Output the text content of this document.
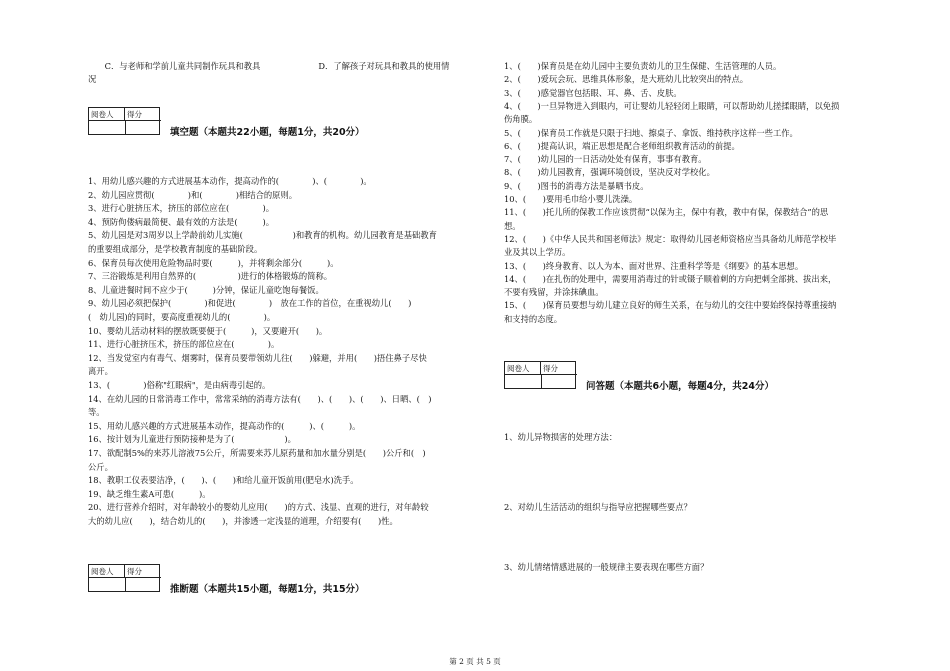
　　C．与老师和学前儿童共同制作玩具和教具　　　　　　　D．了解孩子对玩具和教具的使用情
况
阅卷人	得分
填空题（本题共22小题，每题1分，共20分）
1、用幼儿感兴趣的方式进展基本动作，提高动作的(　　　　)、(　　　　)。
2、幼儿园应贯彻(　　　　)和(　　　　)相结合的原则。
3、进行心脏挤压术，挤压的部位应在(　　　　)。
4、预防佝偻病最简便、最有效的方法是(　　　)。
5、幼儿园是对3周岁以上学龄前幼儿实施(　　　　　　)和教育的机构。幼儿园教育是基础教育
的重要组成部分，是学校教育制度的基础阶段。
6、保育员每次使用危险物品时要(　　　)，并将剩余部分(　　　)。
7、三浴锻炼是利用自然界的(　　　　　)进行的体格锻炼的简称。
8、儿童进餐时间不应少于(　　　)分钟，保证儿童吃饱每餐饭。
9、幼儿园必须把保护(　　　　)和促进(　　　　)　放在工作的首位，在重视幼儿(　　)
(　幼儿园)的同时，要高度重视幼儿的(　　　　)。
10、婴幼儿活动材料的摆放既要便于(　　　)，又要避开(　　)。
11、进行心脏挤压术，挤压的部位应在(　　　　)。
12、当发觉室内有毒气、烟雾时，保育员要带领幼儿往(　　)躲避，并用(　　)捂住鼻子尽快
离开。
13、(　　　　)俗称"红眼病"，是由病毒引起的。
14、在幼儿园的日常消毒工作中，常常采纳的消毒方法有(　　)、(　　)、(　　)、日晒、(　)
等。
15、用幼儿感兴趣的方式进展基本动作，提高动作的(　　　)、(　　　)。
16、按计划为儿童进行预防接种是为了(　　　　　　)。
17、欲配制5%的来苏儿溶液75公斤，所需要来苏儿原药量和加水量分别是(　　)公斤和(　)
公斤。
18、教职工仪表要洁净，(　　)、(　　)和给儿童开饭前用(肥皂水)洗手。
19、缺乏维生素A可患(　　　)。
20、进行营养介绍时，对年龄较小的婴幼儿应用(　　)的方式、浅显、直观的进行，对年龄较
大的幼儿应(　　)，结合幼儿的(　　)，并渗透一定浅显的道理，介绍要有(　　)性。
阅卷人	得分
推断题（本题共15小题，每题1分，共15分）
1、(　　)保育员是在幼儿园中主要负责幼儿的卫生保健、生活管理的人员。
2、(　　)爱玩会玩、思维具体形象，是大班幼儿比较突出的特点。
3、(　　)感觉器官包括眼、耳、鼻、舌、皮肤。
4、(　　)一旦异物进入到眼内，可让婴幼儿轻轻闭上眼睛，可以帮助幼儿搓揉眼睛，以免损
伤角膜。
5、(　　)保育员工作就是只限于扫地、擦桌子、拿饭、维持秩序这样一些工作。
6、(　　)提高认识，端正思想是配合老师组织教育活动的前提。
7、(　　)幼儿园的一日活动处处有保育，事事有教育。
8、(　　)幼儿园教育，强调环境创设，坚决反对学校化。
9、(　　)图书的消毒方法是暴晒书皮。
10、(　　)要用毛巾给小婴儿洗澡。
11、(　　)托儿所的保教工作应该贯彻“以保为主，保中有教，教中有保，保教结合”的思
想。
12、(　　)《中华人民共和国老师法》规定：取得幼儿园老师资格应当具备幼儿师范学校毕
业及其以上学历。
13、(　　)终身教育、以人为本、面对世界、注重科学等是《纲要》的基本思想。
14、(　　)在扎伤的处理中，需要用消毒过的针或镊子顺着刺的方向把刺全部挑、拔出来，
不要有残留，并涂抹碘血。
15、(　　)保育员要想与幼儿建立良好的师生关系，在与幼儿的交往中要始终保持尊重接纳
和支持的态度。
阅卷人	得分
问答题（本题共6小题，每题4分，共24分）
1、幼儿异物损害的处理方法：
2、对幼儿生活活动的组织与指导应把握哪些要点？
3、幼儿情绪情感进展的一般规律主要表现在哪些方面？
第 2 页 共 5 页
